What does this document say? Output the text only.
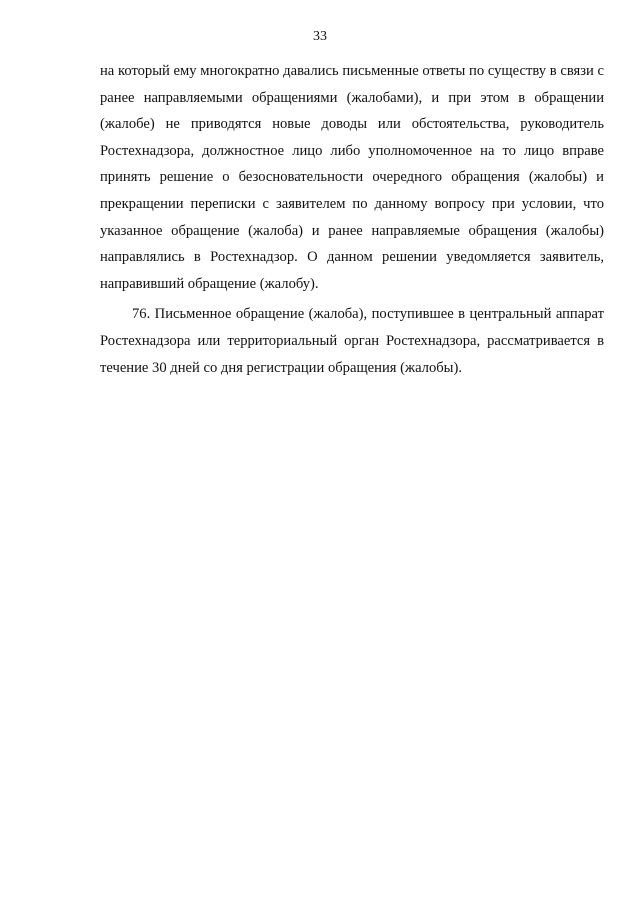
33

на который ему многократно давались письменные ответы по существу в связи с ранее направляемыми обращениями (жалобами), и при этом в обращении (жалобе) не приводятся новые доводы или обстоятельства, руководитель Ростехнадзора, должностное лицо либо уполномоченное на то лицо вправе принять решение о безосновательности очередного обращения (жалобы) и прекращении переписки с заявителем по данному вопросу при условии, что указанное обращение (жалоба) и ранее направляемые обращения (жалобы) направлялись в Ростехнадзор. О данном решении уведомляется заявитель, направивший обращение (жалобу).

76. Письменное обращение (жалоба), поступившее в центральный аппарат Ростехнадзора или территориальный орган Ростехнадзора, рассматривается в течение 30 дней со дня регистрации обращения (жалобы).
